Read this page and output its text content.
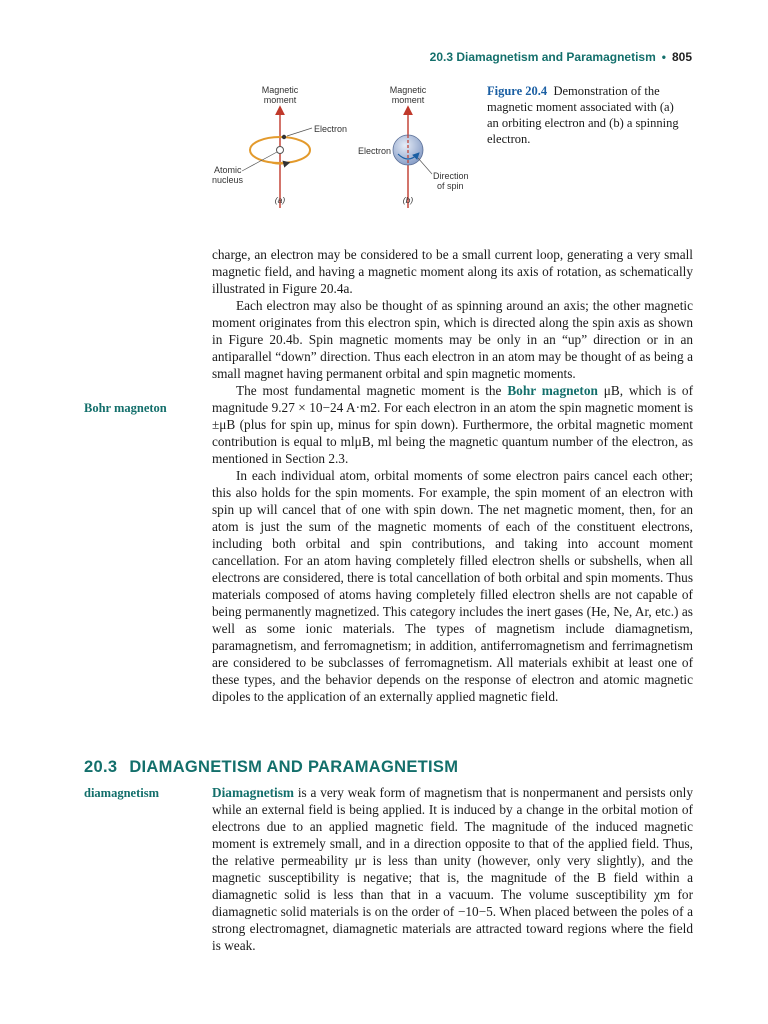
20.3 Diamagnetism and Paramagnetism • 805
Magnetic
moment
Electron
Atomic
nucleus
(a)
Magnetic
moment
Electron
Direction
of spin
(b)
Figure 20.4 Demonstration of the magnetic moment associated with (a) an orbiting electron and (b) a spinning electron.

charge, an electron may be considered to be a small current loop, generating a very small magnetic field, and having a magnetic moment along its axis of rotation, as schematically illustrated in Figure 20.4a.

Each electron may also be thought of as spinning around an axis; the other magnetic moment originates from this electron spin, which is directed along the spin axis as shown in Figure 20.4b. Spin magnetic moments may be only in an “up” direction or in an antiparallel “down” direction. Thus each electron in an atom may be thought of as being a small magnet having permanent orbital and spin magnetic moments.

The most fundamental magnetic moment is the Bohr magneton μB, which is of magnitude 9.27 × 10−24 A·m2. For each electron in an atom the spin magnetic moment is ±μB (plus for spin up, minus for spin down). Furthermore, the orbital magnetic moment contribution is equal to mlμB, ml being the magnetic quantum number of the electron, as mentioned in Section 2.3.

In each individual atom, orbital moments of some electron pairs cancel each other; this also holds for the spin moments. For example, the spin moment of an electron with spin up will cancel that of one with spin down. The net magnetic moment, then, for an atom is just the sum of the magnetic moments of each of the constituent electrons, including both orbital and spin contributions, and taking into account moment cancellation. For an atom having completely filled electron shells or subshells, when all electrons are considered, there is total cancellation of both orbital and spin moments. Thus materials composed of atoms having completely filled electron shells are not capable of being permanently magnetized. This category includes the inert gases (He, Ne, Ar, etc.) as well as some ionic materials. The types of magnetism include diamagnetism, paramagnetism, and ferromagnetism; in addition, antiferromagnetism and ferrimagnetism are considered to be subclasses of ferromagnetism. All materials exhibit at least one of these types, and the behavior depends on the response of electron and atomic magnetic dipoles to the application of an externally applied magnetic field.

Bohr magneton
20.3 DIAMAGNETISM AND PARAMAGNETISM
diamagnetism	Diamagnetism is a very weak form of magnetism that is nonpermanent and persists only while an external field is being applied. It is induced by a change in the orbital motion of electrons due to an applied magnetic field. The magnitude of the induced magnetic moment is extremely small, and in a direction opposite to that of the applied field. Thus, the relative permeability μr is less than unity (however, only very slightly), and the magnetic susceptibility is negative; that is, the magnitude of the B field within a diamagnetic solid is less than that in a vacuum. The volume susceptibility χm for diamagnetic solid materials is on the order of −10−5. When placed between the poles of a strong electromagnet, diamagnetic materials are attracted toward regions where the field is weak.
